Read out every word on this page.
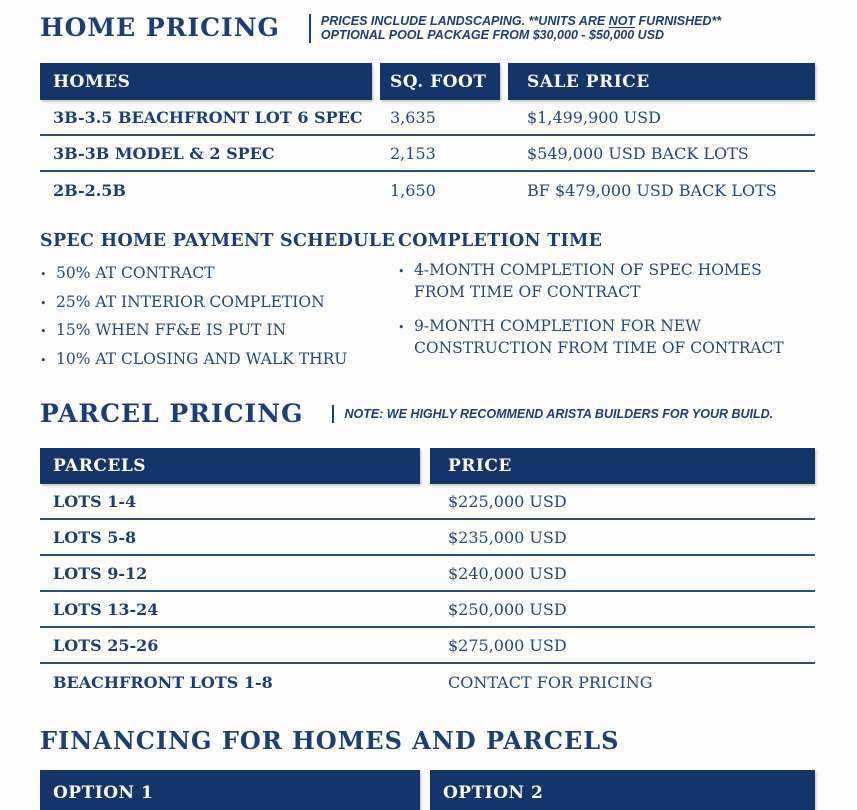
HOME PRICING	PRICES INCLUDE LANDSCAPING. **UNITS ARE NOT FURNISHED**
OPTIONAL POOL PACKAGE FROM $30,000 - $50,000 USD
HOMES	SQ. FOOT	SALE PRICE
3B-3.5 BEACHFRONT LOT 6 SPEC	3,635	$1,499,900 USD
3B-3B MODEL & 2 SPEC	2,153	$549,000 USD BACK LOTS
2B-2.5B	1,650	BF $479,000 USD BACK LOTS
SPEC HOME PAYMENT SCHEDULE
• 50% AT CONTRACT
• 25% AT INTERIOR COMPLETION
• 15% WHEN FF&E IS PUT IN
• 10% AT CLOSING AND WALK THRU
COMPLETION TIME
• 4-MONTH COMPLETION OF SPEC HOMES
FROM TIME OF CONTRACT
• 9-MONTH COMPLETION FOR NEW
CONSTRUCTION FROM TIME OF CONTRACT
PARCEL PRICING	NOTE: WE HIGHLY RECOMMEND ARISTA BUILDERS FOR YOUR BUILD.
PARCELS	PRICE
LOTS 1-4	$225,000 USD
LOTS 5-8	$235,000 USD
LOTS 9-12	$240,000 USD
LOTS 13-24	$250,000 USD
LOTS 25-26	$275,000 USD
BEACHFRONT LOTS 1-8	CONTACT FOR PRICING
FINANCING FOR HOMES AND PARCELS
OPTION 1	OPTION 2
